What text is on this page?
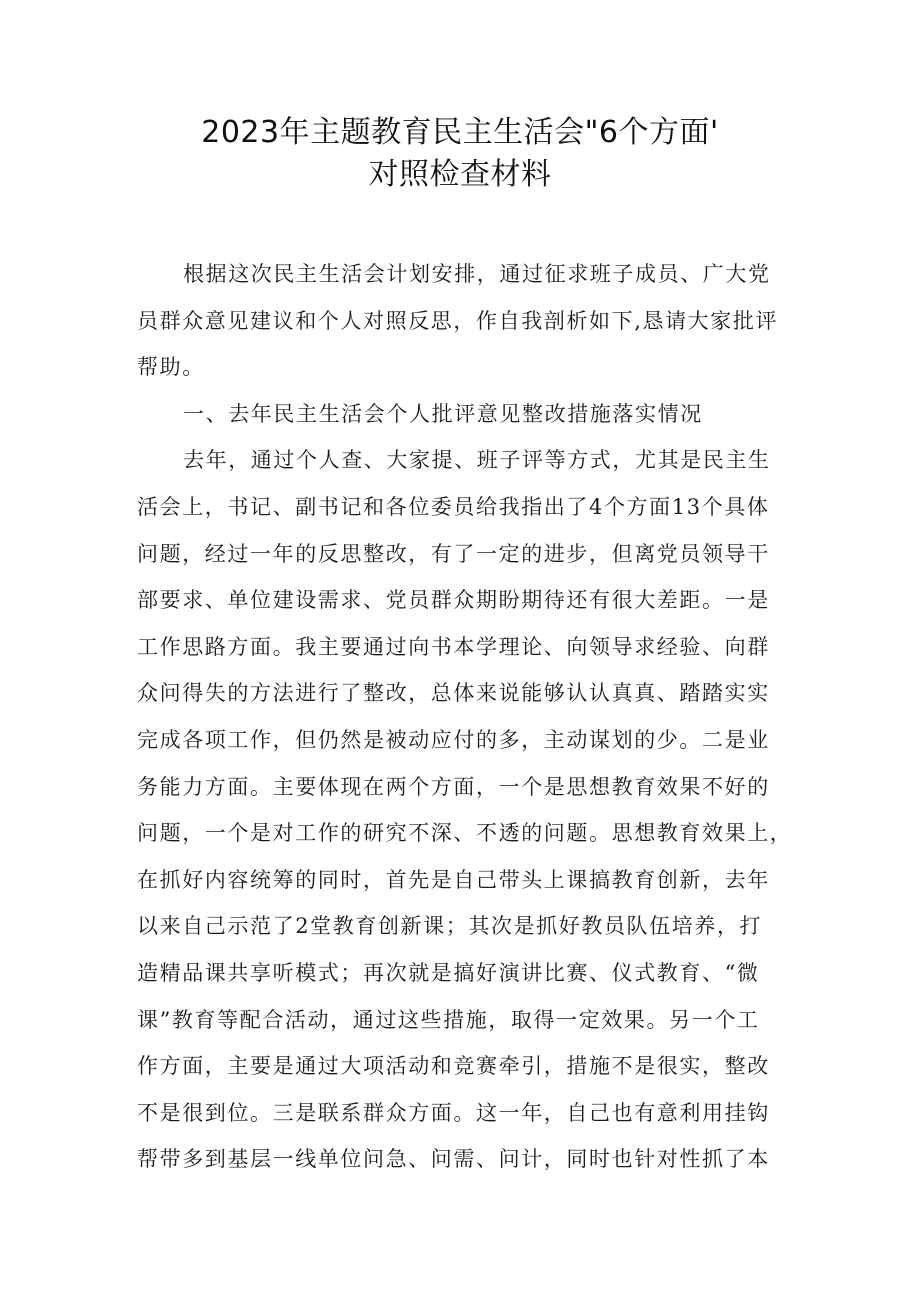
2023年主题教育民主生活会"6个方面'
对照检查材料
根据这次民主生活会计划安排，通过征求班子成员、广大党
员群众意见建议和个人对照反思，作自我剖析如下,恳请大家批评
帮助。
一、去年民主生活会个人批评意见整改措施落实情况
去年，通过个人查、大家提、班子评等方式，尤其是民主生
活会上，书记、副书记和各位委员给我指出了4个方面13个具体
问题，经过一年的反思整改，有了一定的进步，但离党员领导干
部要求、单位建设需求、党员群众期盼期待还有很大差距。一是
工作思路方面。我主要通过向书本学理论、向领导求经验、向群
众问得失的方法进行了整改，总体来说能够认认真真、踏踏实实
完成各项工作，但仍然是被动应付的多，主动谋划的少。二是业
务能力方面。主要体现在两个方面，一个是思想教育效果不好的
问题，一个是对工作的研究不深、不透的问题。思想教育效果上，
在抓好内容统筹的同时，首先是自己带头上课搞教育创新，去年
以来自己示范了2堂教育创新课；其次是抓好教员队伍培养，打
造精品课共享听模式；再次就是搞好演讲比赛、仪式教育、“微
课”教育等配合活动，通过这些措施，取得一定效果。另一个工
作方面，主要是通过大项活动和竞赛牵引，措施不是很实，整改
不是很到位。三是联系群众方面。这一年，自己也有意利用挂钩
帮带多到基层一线单位问急、问需、问计，同时也针对性抓了本
